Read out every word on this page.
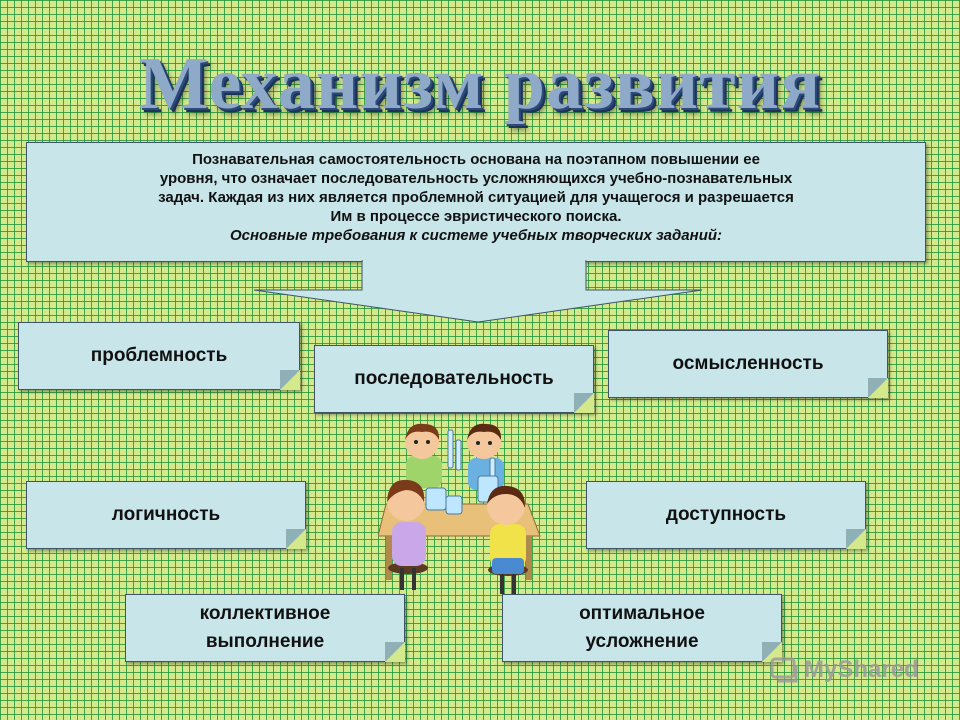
Механизм развития
Познавательная самостоятельность основана на поэтапном повышении ее
уровня, что означает последовательность усложняющихся учебно-познавательных
задач. Каждая из них является проблемной ситуацией для учащегося и разрешается
Им в процессе эвристического поиска.
Основные требования к системе учебных творческих заданий:
проблемность
последовательность
осмысленность
логичность	доступность
коллективное
выполнение
оптимальное
усложнение
MyShared
